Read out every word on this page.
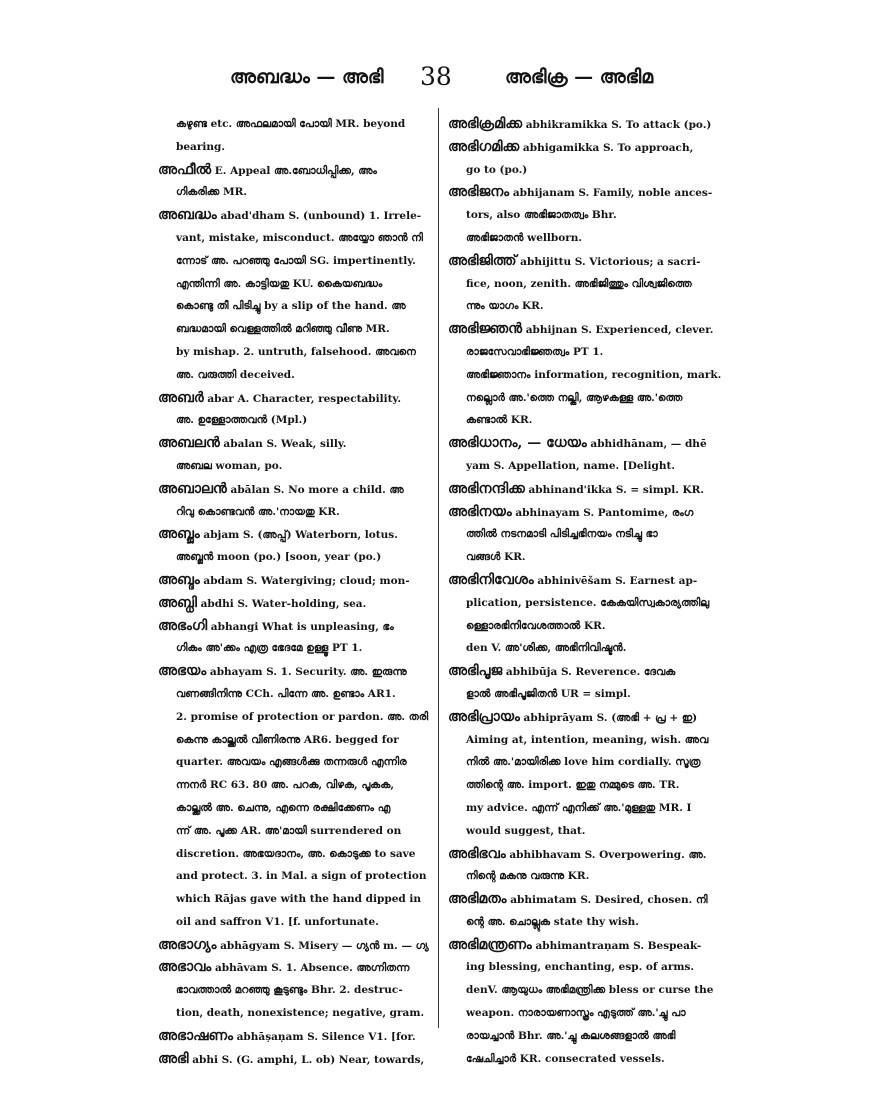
അബദ്ധം — അഭി 38	അഭിക്ര — അഭിമ
കഴുണ്ട etc. അഫലമായി പോയി MR. beyond
bearing.
അഫീൽ E. Appeal അ.ബോധിപ്പിക്ക, അം
ഗികരിക്ക MR.
അബദ്ധം abad'dham S. (unbound) 1. Irrele-
vant, mistake, misconduct. അയ്യോ ഞാൻ നി
ന്നോട് അ. പറഞ്ഞു പോയി SG. impertinently.
എന്തിന്നി അ. കാട്ടിയതു KU. കൈയബദ്ധം
കൊണ്ടു തീ പിടിച്ചു by a slip of the hand. അ
ബദ്ധമായി വെള്ളത്തിൽ മറിഞ്ഞു വീണു MR.
by mishap. 2. untruth, falsehood. അവനെ
അ. വരുത്തി deceived.
അബർ abar A. Character, respectability.
അ. ഉള്ളോത്തവൻ (Mpl.)
അബലൻ abalan S. Weak, silly.
അബല woman, po.
അബാലൻ abālan S. No more a child. അ
റിവു കൊണ്ടവൻ അ.'നായതു KR.
അബ്ജം abjam S. (അപ്പ്) Waterborn, lotus.
അബ്ജൻ moon (po.) [soon, year (po.)
അബ്ദം abdam S. Watergiving; cloud; mon-
അബ്ധി abdhi S. Water-holding, sea.
അഭംഗി abhangi What is unpleasing, ഭം
ഗികം അ'ക്കം എത്ര ഭേദമേ ഉള്ളൂ PT 1.
അഭയം abhayam S. 1. Security. അ. ഇരുന്നു
വണങ്ങിനിന്നു CCh. പിന്നേ അ. ഉണ്ടാം AR1.
2. promise of protection or pardon. അ. തരി
കെന്നു കാല്ക്കൽ വീണിരന്നു AR6. begged for
quarter. അവയം എങ്ങൾക്കു തന്നരുൾ എന്നിര
ന്നനർ RC 63. 80 അ. പറക, വിഴക, പൂകക,
കാല്ക്കൽ അ. ചെന്നു, എന്നെ രക്ഷിക്കേണം എ
ന്ന് അ. പൂക്ക AR. അ'മായി surrendered on
discretion. അഭയദാനം, അ. കൊടുക്ക to save
and protect. 3. in Mal. a sign of protection
which Rājas gave with the hand dipped in
oil and saffron V1. [f. unfortunate.
അഭാഗ്യം abhāgyam S. Misery — ഗ്യൻ m. — ഗ്യ
അഭാവം abhāvam S. 1. Absence. അഗ്നിതന്ന
ഭാവത്താൽ മറഞ്ഞു കൂടുണ്ടും Bhr. 2. destruc-
tion, death, nonexistence; negative, gram.
അഭാഷണം abhāṣaṇam S. Silence V1. [for.
അഭി abhi S. (G. amphi, L. ob) Near, towards,
അഭിക്രമിക്ക abhikramikka S. To attack (po.)
അഭിഗമിക്ക abhigamikka S. To approach,
go to (po.)
അഭിജനം abhijanam S. Family, noble ances-
tors, also അഭിജാതത്വം Bhr.
അഭിജാതൻ wellborn.
അഭിജിത്ത് abhijittu S. Victorious; a sacri-
fice, noon, zenith. അഭിജിത്തും വിശ്വജിത്തെ
ന്നും യാഗം KR.
അഭിജ്ഞൻ abhijnan S. Experienced, clever.
രാജസേവാഭിജ്ഞത്വം PT 1.
അഭിജ്ഞാനം information, recognition, mark.
നല്ലൊർ അ.'ത്തെ നല്കി, ആഴകള്ള അ.'ത്തെ
കണ്ടാൽ KR.
അഭിധാനം, — ധേയം abhidhānam, — dhē
yam S. Appellation, name. [Delight.
അഭിനന്ദിക്ക abhinand'ikka S. = simpl. KR.
അഭിനയം abhinayam S. Pantomime, രംഗ
ത്തിൽ നടനമാടി പിടിച്ചഭിനയം നടിച്ചു ഭാ
വങ്ങൾ KR.
അഭിനിവേശം abhinivēšam S. Earnest ap-
plication, persistence. കേകയിസ്വകാര്യത്തിലു
ള്ളൊരഭിനിവേശത്താൽ KR.
den V. അ'ശിക്ക, അഭിനിവിഷ്ടൻ.
അഭിപൂജ abhibūja S. Reverence. ദേവക
ളാൽ അഭിപൂജിതൻ UR = simpl.
അഭിപ്രായം abhiprāyam S. (അഭി + പ്ര + ഇ)
Aiming at, intention, meaning, wish. അവ
നിൽ അ.'മായിരിക്ക love him cordially. സൂത്ര
ത്തിന്റെ അ. import. ഇതു നമ്മുടെ അ. TR.
my advice. എന്ന് എനിക്ക് അ.'മുള്ളതു MR. I
would suggest, that.
അഭിഭവം abhibhavam S. Overpowering. അ.
നിന്റെ മകനു വരുന്നു KR.
അഭിമതം abhimatam S. Desired, chosen. നി
ന്റെ അ. ചൊല്ലുക state thy wish.
അഭിമന്ത്രണം abhimantraṇam S. Bespeak-
ing blessing, enchanting, esp. of arms.
denV. ആയുധം അഭിമന്ത്രിക്ക bless or curse the
weapon. നാരായണാസ്ത്രം എടുത്ത് അ.'ച്ചു പാ
രായച്ചാൻ Bhr. അ.'ച്ചു കലശങ്ങളാൽ അഭി
ഷേചിച്ചാർ KR. consecrated vessels.
